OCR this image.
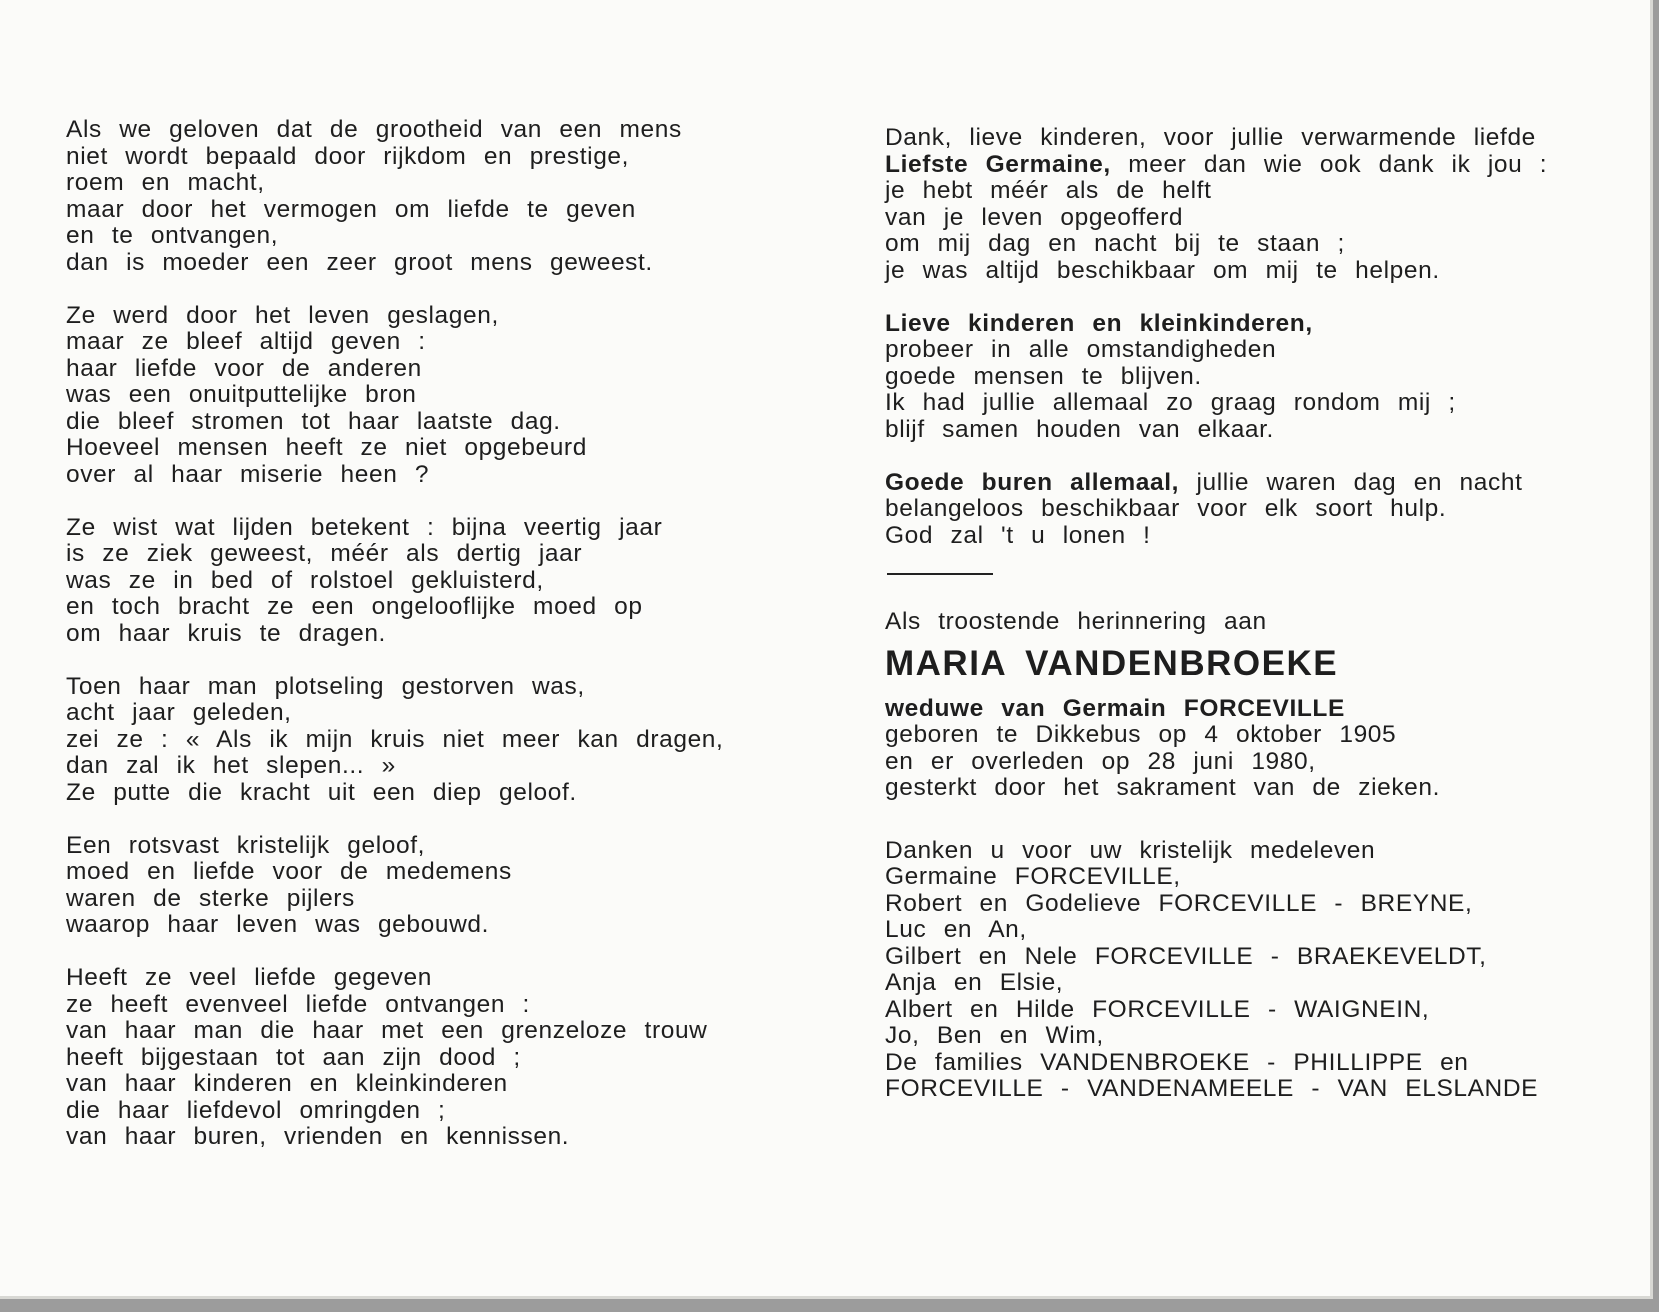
Als we geloven dat de grootheid van een mens
niet wordt bepaald door rijkdom en prestige,
roem en macht,
maar door het vermogen om liefde te geven
en te ontvangen,
dan is moeder een zeer groot mens geweest.
Ze werd door het leven geslagen,
maar ze bleef altijd geven :
haar liefde voor de anderen
was een onuitputtelijke bron
die bleef stromen tot haar laatste dag.
Hoeveel mensen heeft ze niet opgebeurd
over al haar miserie heen ?
Ze wist wat lijden betekent : bijna veertig jaar
is ze ziek geweest, méér als dertig jaar
was ze in bed of rolstoel gekluisterd,
en toch bracht ze een ongelooflijke moed op
om haar kruis te dragen.
Toen haar man plotseling gestorven was,
acht jaar geleden,
zei ze : « Als ik mijn kruis niet meer kan dragen,
dan zal ik het slepen... »
Ze putte die kracht uit een diep geloof.
Een rotsvast kristelijk geloof,
moed en liefde voor de medemens
waren de sterke pijlers
waarop haar leven was gebouwd.
Heeft ze veel liefde gegeven
ze heeft evenveel liefde ontvangen :
van haar man die haar met een grenzeloze trouw
heeft bijgestaan tot aan zijn dood ;
van haar kinderen en kleinkinderen
die haar liefdevol omringden ;
van haar buren, vrienden en kennissen.
Dank, lieve kinderen, voor jullie verwarmende liefde
Liefste Germaine, meer dan wie ook dank ik jou :
je hebt méér als de helft
van je leven opgeofferd
om mij dag en nacht bij te staan ;
je was altijd beschikbaar om mij te helpen.
Lieve kinderen en kleinkinderen,
probeer in alle omstandigheden
goede mensen te blijven.
Ik had jullie allemaal zo graag rondom mij ;
blijf samen houden van elkaar.
Goede buren allemaal, jullie waren dag en nacht
belangeloos beschikbaar voor elk soort hulp.
God zal 't u lonen !
Als troostende herinnering aan
MARIA VANDENBROEKE
weduwe van Germain FORCEVILLE
geboren te Dikkebus op 4 oktober 1905
en er overleden op 28 juni 1980,
gesterkt door het sakrament van de zieken.
Danken u voor uw kristelijk medeleven
Germaine FORCEVILLE,
Robert en Godelieve FORCEVILLE - BREYNE,
Luc en An,
Gilbert en Nele FORCEVILLE - BRAEKEVELDT,
Anja en Elsie,
Albert en Hilde FORCEVILLE - WAIGNEIN,
Jo, Ben en Wim,
De families VANDENBROEKE - PHILLIPPE en
FORCEVILLE - VANDENAMEELE - VAN ELSLANDE
